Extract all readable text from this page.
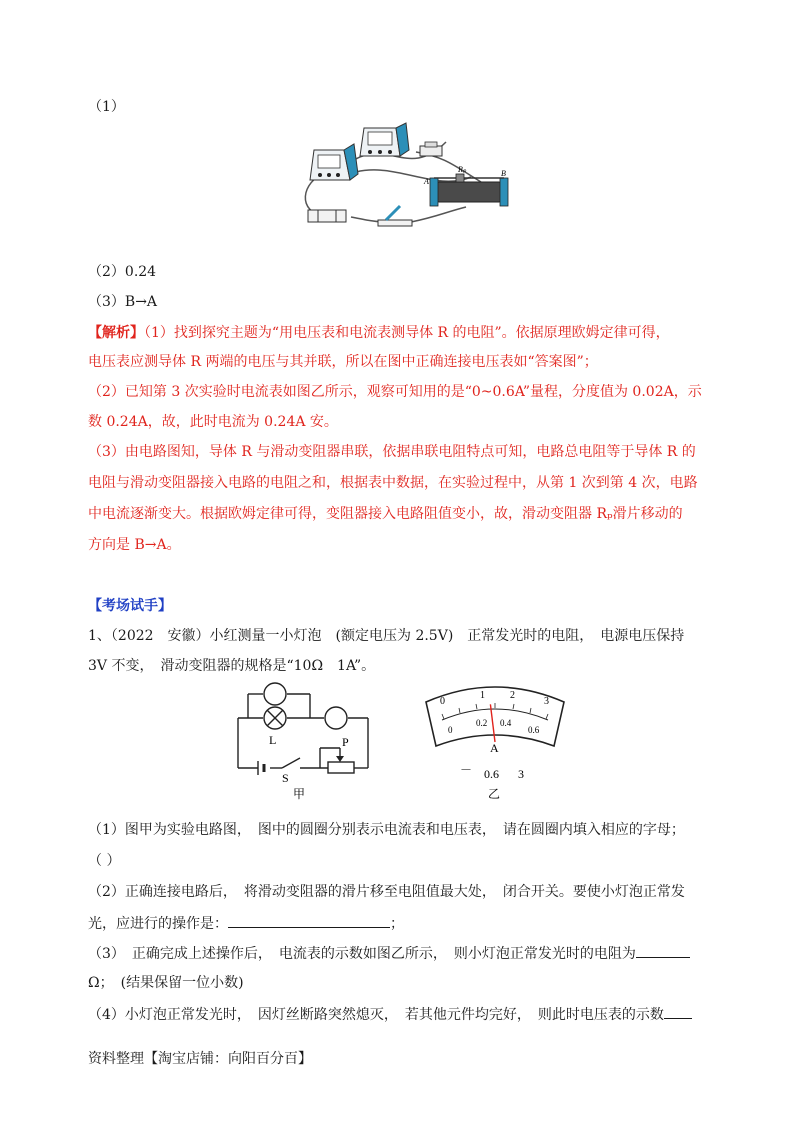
（1）
A
B
Rₚ
（2）0.24
（3）B→A
【解析】（1）找到探究主题为“用电压表和电流表测导体 R 的电阻”。依据原理欧姆定律可得，
电压表应测导体 R 两端的电压与其并联，所以在图中正确连接电压表如“答案图”；
（2）已知第 3 次实验时电流表如图乙所示，观察可知用的是“0~0.6A”量程，分度值为 0.02A，示
数 0.24A，故，此时电流为 0.24A 安。
（3）由电路图知，导体 R 与滑动变阻器串联，依据串联电阻特点可知，电路总电阻等于导体 R 的
电阻与滑动变阻器接入电路的电阻之和，根据表中数据，在实验过程中，从第 1 次到第 4 次，电路
中电流逐渐变大。根据欧姆定律可得，变阻器接入电路阻值变小，故，滑动变阻器 Rₚ滑片移动的
方向是 B→A。
【考场试手】
1、（2022　安徽）小红测量一小灯泡　(额定电压为 2.5V)　正常发光时的电阻，　电源电压保持
3V 不变，　滑动变阻器的规格是“10Ω　1A”。
L	P
S
甲
0
1	2
3
0
0.2 0.4
0.6
A
－ 0.6 3
乙
（1）图甲为实验电路图，　图中的圆圈分别表示电流表和电压表，　请在圆圈内填入相应的字母；
（ ）
（2）正确连接电路后，　将滑动变阻器的滑片移至电阻值最大处，　闭合开关。要使小灯泡正常发
光，应进行的操作是：	；
（3）　正确完成上述操作后，　电流表的示数如图乙所示，　则小灯泡正常发光时的电阻为
Ω；　(结果保留一位小数)
（4）小灯泡正常发光时，　因灯丝断路突然熄灭，　若其他元件均完好，　则此时电压表的示数
资料整理【淘宝店铺：向阳百分百】
